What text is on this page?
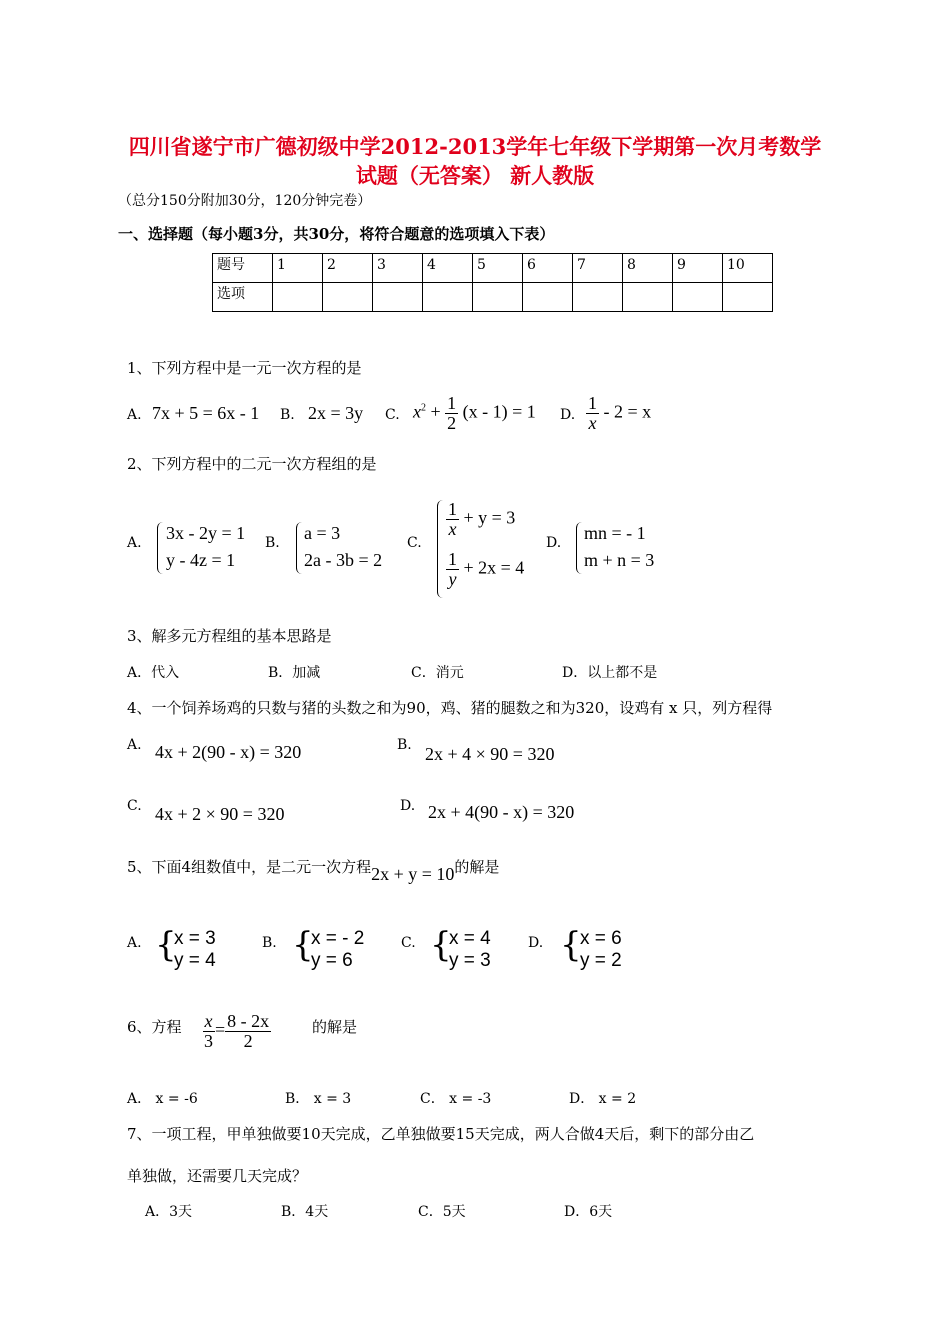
四川省遂宁市广德初级中学2012-2013学年七年级下学期第一次月考数学
试题（无答案） 新人教版
（总分150分附加30分，120分钟完卷）
一、选择题（每小题3分，共30分，将符合题意的选项填入下表）
题号	1	2	3	4	5	6	7	8	9	10
选项										
1、下列方程中是一元一次方程的是
A. 7x + 5 = 6x - 1 B. 2x = 3y C. $x^2 + \frac{1}{2} (x - 1) = 1$ D. $\frac{1}{x} - 2 = x$
2、下列方程中的二元一次方程组的是
A. 3x - 2y = 1
y - 4z = 1
B. a = 3
2a - 3b = 2
C.
$\frac{1}{x} + y = 3$
$\frac{1}{y} + 2x = 4$
D. mn = - 1
m + n = 3
3、解多元方程组的基本思路是
A．代入	B．加减	C．消元	D．以上都不是
4、一个饲养场鸡的只数与猪的头数之和为90，鸡、猪的腿数之和为320，设鸡有 x 只，列方程得
A. 4x + 2(90 - x) = 320	B. 2x + 4 × 90 = 320
C. 4x + 2 × 90 = 320	D. 2x + 4(90 - x) = 320
5、下面4组数值中，是二元一次方程2x + y = 10的解是
A. {
x = 3
y = 4
B. {
x = - 2
y = 6
C. {
x = 4
y = 3
D. {
x = 6
y = 2
6、方程 $\frac{x}{3} = \frac{8 - 2x}{2}$	的解是
A． x = -6	B． x = 3	C． x = -3	D． x = 2
7、一项工程，甲单独做要10天完成，乙单独做要15天完成，两人合做4天后，剩下的部分由乙
单独做，还需要几天完成？
A．3天	B．4天	C．5天	D．6天
